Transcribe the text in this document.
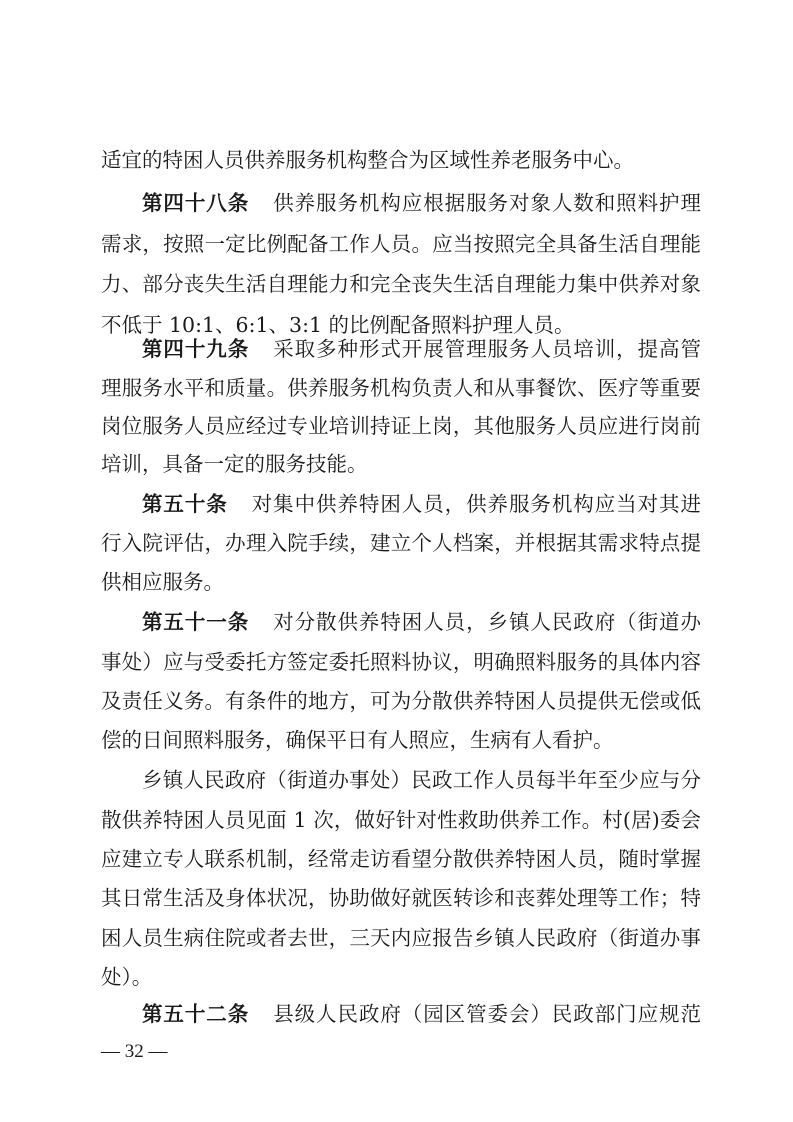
适宜的特困人员供养服务机构整合为区域性养老服务中心。
第四十八条 供养服务机构应根据服务对象人数和照料护理
需求，按照一定比例配备工作人员。应当按照完全具备生活自理能
力、部分丧失生活自理能力和完全丧失生活自理能力集中供养对象
不低于 10:1、6:1、3:1 的比例配备照料护理人员。
第四十九条 采取多种形式开展管理服务人员培训，提高管
理服务水平和质量。供养服务机构负责人和从事餐饮、医疗等重要
岗位服务人员应经过专业培训持证上岗，其他服务人员应进行岗前
培训，具备一定的服务技能。
第五十条 对集中供养特困人员，供养服务机构应当对其进
行入院评估，办理入院手续，建立个人档案，并根据其需求特点提
供相应服务。
第五十一条 对分散供养特困人员，乡镇人民政府（街道办
事处）应与受委托方签定委托照料协议，明确照料服务的具体内容
及责任义务。有条件的地方，可为分散供养特困人员提供无偿或低
偿的日间照料服务，确保平日有人照应，生病有人看护。
乡镇人民政府（街道办事处）民政工作人员每半年至少应与分
散供养特困人员见面 1 次，做好针对性救助供养工作。村(居)委会
应建立专人联系机制，经常走访看望分散供养特困人员，随时掌握
其日常生活及身体状况，协助做好就医转诊和丧葬处理等工作；特
困人员生病住院或者去世，三天内应报告乡镇人民政府（街道办事
处）。
第五十二条 县级人民政府（园区管委会）民政部门应规范
— 32 —
